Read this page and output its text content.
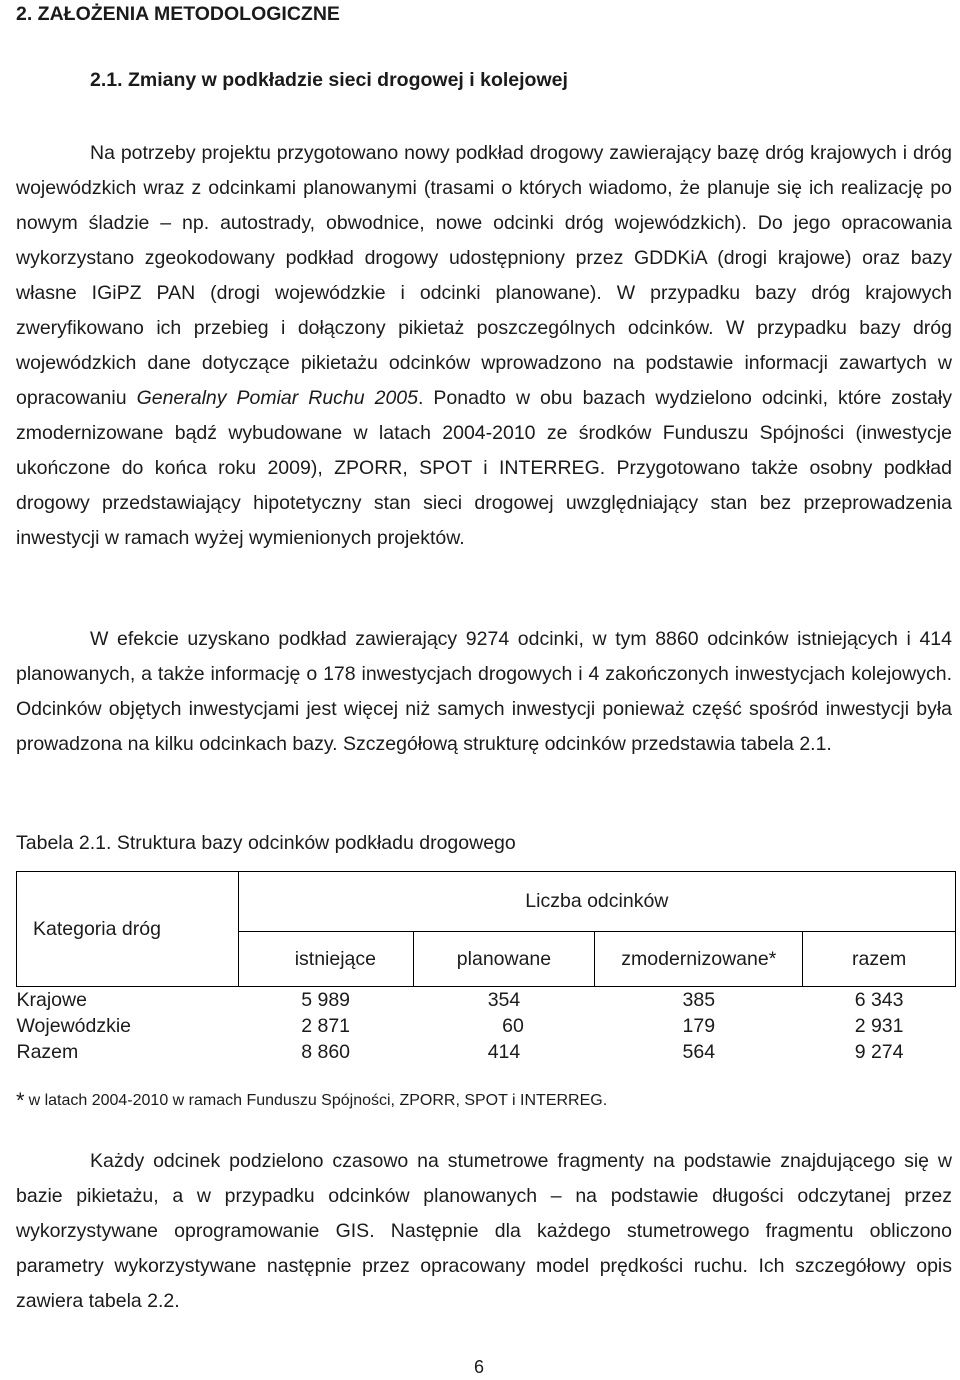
2. ZAŁOŻENIA METODOLOGICZNE
2.1. Zmiany w podkładzie sieci drogowej i kolejowej

Na potrzeby projektu przygotowano nowy podkład drogowy zawierający bazę dróg krajowych i dróg wojewódzkich wraz z odcinkami planowanymi (trasami o których wiadomo, że planuje się ich realizację po nowym śladzie – np. autostrady, obwodnice, nowe odcinki dróg wojewódzkich). Do jego opracowania wykorzystano zgeokodowany podkład drogowy udostępniony przez GDDKiA (drogi krajowe) oraz bazy własne IGiPZ PAN (drogi wojewódzkie i odcinki planowane). W przypadku bazy dróg krajowych zweryfikowano ich przebieg i dołączony pikietaż poszczególnych odcinków. W przypadku bazy dróg wojewódzkich dane dotyczące pikietażu odcinków wprowadzono na podstawie informacji zawartych w opracowaniu Generalny Pomiar Ruchu 2005. Ponadto w obu bazach wydzielono odcinki, które zostały zmodernizowane bądź wybudowane w latach 2004-2010 ze środków Funduszu Spójności (inwestycje ukończone do końca roku 2009), ZPORR, SPOT i INTERREG. Przygotowano także osobny podkład drogowy przedstawiający hipotetyczny stan sieci drogowej uwzględniający stan bez przeprowadzenia inwestycji w ramach wyżej wymienionych projektów.

W efekcie uzyskano podkład zawierający 9274 odcinki, w tym 8860 odcinków istniejących i 414 planowanych, a także informację o 178 inwestycjach drogowych i 4 zakończonych inwestycjach kolejowych. Odcinków objętych inwestycjami jest więcej niż samych inwestycji ponieważ część spośród inwestycji była prowadzona na kilku odcinkach bazy. Szczegółową strukturę odcinków przedstawia tabela 2.1.

Tabela 2.1. Struktura bazy odcinków podkładu drogowego

Kategoria dróg	Liczba odcinków			
	istniejące	planowane	zmodernizowane*	razem
Krajowe	5 989	354	385	6 343
Wojewódzkie	2 871	60	179	2 931
Razem	8 860	414	564	9 274
* w latach 2004-2010 w ramach Funduszu Spójności, ZPORR, SPOT i INTERREG.

Każdy odcinek podzielono czasowo na stumetrowe fragmenty na podstawie znajdującego się w bazie pikietażu, a w przypadku odcinków planowanych – na podstawie długości odczytanej przez wykorzystywane oprogramowanie GIS. Następnie dla każdego stumetrowego fragmentu obliczono parametry wykorzystywane następnie przez opracowany model prędkości ruchu. Ich szczegółowy opis zawiera tabela 2.2.

6
